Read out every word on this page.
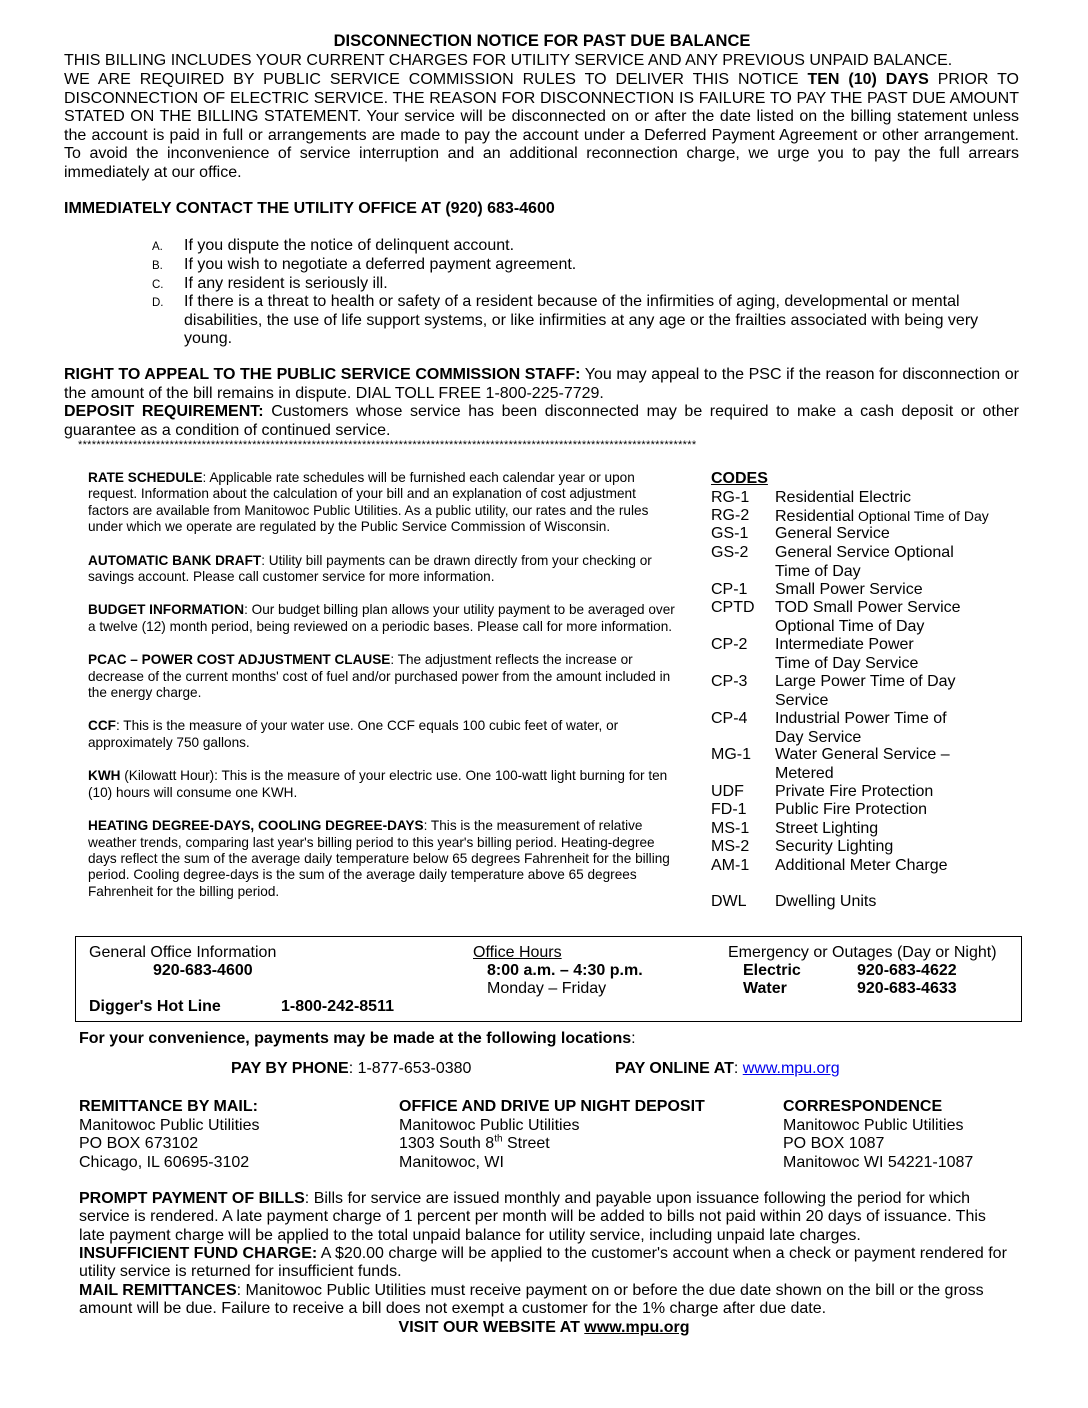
DISCONNECTION NOTICE FOR PAST DUE BALANCE
THIS BILLING INCLUDES YOUR CURRENT CHARGES FOR UTILITY SERVICE AND ANY PREVIOUS UNPAID BALANCE.
WE ARE REQUIRED BY PUBLIC SERVICE COMMISSION RULES TO DELIVER THIS NOTICE TEN (10) DAYS PRIOR TO DISCONNECTION OF ELECTRIC SERVICE. THE REASON FOR DISCONNECTION IS FAILURE TO PAY THE PAST DUE AMOUNT STATED ON THE BILLING STATEMENT. Your service will be disconnected on or after the date listed on the billing statement unless the account is paid in full or arrangements are made to pay the account under a Deferred Payment Agreement or other arrangement. To avoid the inconvenience of service interruption and an additional reconnection charge, we urge you to pay the full arrears immediately at our office.
IMMEDIATELY CONTACT THE UTILITY OFFICE AT (920) 683-4600
A. If you dispute the notice of delinquent account.
B. If you wish to negotiate a deferred payment agreement.
C. If any resident is seriously ill.
D. If there is a threat to health or safety of a resident because of the infirmities of aging, developmental or mental disabilities, the use of life support systems, or like infirmities at any age or the frailties associated with being very young.
RIGHT TO APPEAL TO THE PUBLIC SERVICE COMMISSION STAFF: You may appeal to the PSC if the reason for disconnection or the amount of the bill remains in dispute. DIAL TOLL FREE 1-800-225-7729.
DEPOSIT REQUIREMENT: Customers whose service has been disconnected may be required to make a cash deposit or other guarantee as a condition of continued service.
***************************************************************************************************************************************
RATE SCHEDULE: Applicable rate schedules will be furnished each calendar year or upon request. Information about the calculation of your bill and an explanation of cost adjustment factors are available from Manitowoc Public Utilities. As a public utility, our rates and the rules under which we operate are regulated by the Public Service Commission of Wisconsin.
AUTOMATIC BANK DRAFT: Utility bill payments can be drawn directly from your checking or savings account. Please call customer service for more information.
BUDGET INFORMATION: Our budget billing plan allows your utility payment to be averaged over a twelve (12) month period, being reviewed on a periodic bases. Please call for more information.
PCAC – POWER COST ADJUSTMENT CLAUSE: The adjustment reflects the increase or decrease of the current months' cost of fuel and/or purchased power from the amount included in the energy charge.
CCF: This is the measure of your water use. One CCF equals 100 cubic feet of water, or approximately 750 gallons.
KWH (Kilowatt Hour): This is the measure of your electric use. One 100-watt light burning for ten (10) hours will consume one KWH.
HEATING DEGREE-DAYS, COOLING DEGREE-DAYS: This is the measurement of relative weather trends, comparing last year's billing period to this year's billing period. Heating-degree days reflect the sum of the average daily temperature below 65 degrees Fahrenheit for the billing period. Cooling degree-days is the sum of the average daily temperature above 65 degrees Fahrenheit for the billing period.
CODES
RG-1 Residential Electric
RG-2 Residential Optional Time of Day
GS-1 General Service
GS-2 General Service Optional Time of Day
CP-1 Small Power Service
CPTD TOD Small Power Service Optional Time of Day
CP-2 Intermediate Power Time of Day Service
CP-3 Large Power Time of Day Service
CP-4 Industrial Power Time of Day Service
MG-1 Water General Service – Metered
UDF Private Fire Protection
FD-1 Public Fire Protection
MS-1 Street Lighting
MS-2 Security Lighting
AM-1 Additional Meter Charge
DWL Dwelling Units
General Office Information
920-683-4600
Digger's Hot Line	1-800-242-8511
Office Hours
8:00 a.m. – 4:30 p.m.
Monday – Friday
Emergency or Outages (Day or Night)
Electric	920-683-4622
Water	920-683-4633
For your convenience, payments may be made at the following locations:
PAY BY PHONE: 1-877-653-0380	PAY ONLINE AT: www.mpu.org
REMITTANCE BY MAIL:
Manitowoc Public Utilities
PO BOX 673102
Chicago, IL 60695-3102
OFFICE AND DRIVE UP NIGHT DEPOSIT
Manitowoc Public Utilities
1303 South 8th Street
Manitowoc, WI
CORRESPONDENCE
Manitowoc Public Utilities
PO BOX 1087
Manitowoc WI 54221-1087
PROMPT PAYMENT OF BILLS: Bills for service are issued monthly and payable upon issuance following the period for which service is rendered. A late payment charge of 1 percent per month will be added to bills not paid within 20 days of issuance. This late payment charge will be applied to the total unpaid balance for utility service, including unpaid late charges.
INSUFFICIENT FUND CHARGE: A $20.00 charge will be applied to the customer's account when a check or payment rendered for utility service is returned for insufficient funds.
MAIL REMITTANCES: Manitowoc Public Utilities must receive payment on or before the due date shown on the bill or the gross amount will be due. Failure to receive a bill does not exempt a customer for the 1% charge after due date.
VISIT OUR WEBSITE AT www.mpu.org
